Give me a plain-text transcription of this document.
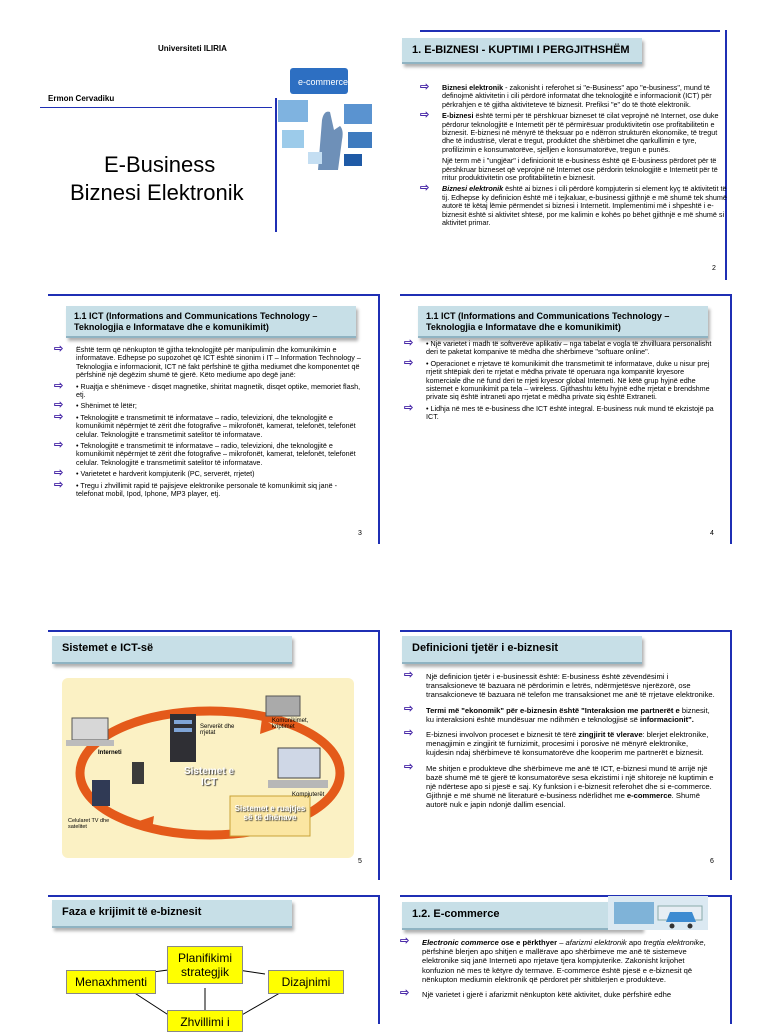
Universiteti ILIRIA
Ermon Cervadiku
E-Business
Biznesi Elektronik
e-commerce
1. E-BIZNESI - KUPTIMI I PERGJITHSHËM
⇨ Biznesi elektronik - zakonisht i referohet si "e-Business" apo "e-business", mund të definojmë aktivitetin i cili përdorë informatat dhe teknologjitë e informacionit (ICT) për përkrahjen e të gjitha aktiviteteve të biznesit. Prefiksi "e" do të thotë elektronik.
⇨ E-biznesi është termi për të përshkruar bizneset të cilat veprojnë në Internet, ose duke përdorur teknologjitë e Internetit për të përmirësuar produktivitetin ose profitabilitetin e biznesit. E-biznesi në mënyrë të theksuar po e ndërron strukturën ekonomike, të tregut dhe të industrisë, vlerat e tregut, produktet dhe shërbimet dhe qarkullimin e tyre, profilizimin e konsumatorëve, sjelljen e konsumatorëve, tregun e punës.
Një term më i "ungjëar" i definicionit të e-business është që E-business përdoret për të përshkruar bizneset që veprojnë në Internet ose përdorin teknologjitë e Internetit për të rritur produktivitetin ose profitabilitetin e biznesit.
⇨ Biznesi elektronik është ai biznes i cili përdorë kompjuterin si element kyç të aktivitetit të tij. Edhepse ky definicion është më i tejkaluar, e-businessi gjithnjë e më shumë tek shumë autorë të këtaj lëmie përmendet si biznesi i Internetit. Implementimi më i shpeshtë i e-biznesit është si aktivitet shtesë, por me kalimin e kohës po bëhet gjithnjë e më shumë si aktivitet primar.
2
1.1 ICT (Informations and Communications Technology – Teknologjia e Informatave dhe e komunikimit)
⇨ Është term që nënkupton të gjitha teknologjitë për manipulimin dhe komunikimin e informatave. Edhepse po supozohet që ICT është sinonim i IT – Information Technology – Teknologjia e informacionit, ICT në fakt përfshinë të gjitha mediumet dhe komponentet që përfshinë një degëzim shumë të gjerë. Këto mediume apo degë janë:
⇨ • Ruajtja e shënimeve - disqet magnetike, shiritat magnetik, disqet optike, memoriet flash, etj.
⇨ • Shënimet të lëtër;
⇨ • Teknologjitë e transmetimit të informatave – radio, televizioni, dhe teknologjitë e komunikimit nëpërmjet të zërit dhe fotografive – mikrofonët, kamerat, telefonët, telefonët celular. Teknologjitë e transmetimit satelitor të informatave.
⇨ • Teknologjitë e transmetimit të informatave – radio, televizioni, dhe teknologjitë e komunikimit nëpërmjet të zërit dhe fotografive – mikrofonët, kamerat, telefonët, telefonët celular. Teknologjitë e transmetimit satelitor të informatave.
⇨ • Varietetet e hardverit kompjuterik (PC, serverët, rrjetet)
⇨ • Tregu i zhvillimit rapid të pajisjeve elektronike personale të komunikimit siq janë - telefonat mobil, Ipod, Iphone, MP3 player, etj.
3
1.1 ICT (Informations and Communications Technology – Teknologjia e Informatave dhe e komunikimit)
⇨ • Një varietet i madh të softverëve aplikativ – nga tabelat e vogla të zhvilluara personalisht deri te paketat kompanive të mëdha dhe shërbimeve "softuare online".
⇨ • Operacionet e rrjetave të komunikimit dhe transmetimit të informatave, duke u nisur prej rrjetit shtëpiak deri te rrjetat e mëdha private të operuara nga kompanitë kryesore komerciale dhe në fund deri te rrjeti kryesor global Interneti. Në këtë grup hyjnë edhe sistemet e komunikimit pa tela – wireless. Gjithashtu këtu hyjnë edhe rrjetat e brendshme private siq është intraneti apo rrjetat e mëdha private siq është Extraneti.
⇨ • Lidhja në mes të e-business dhe ICT është integral. E-business nuk mund të ekzistojë pa ICT.
4
Sistemet e ICT-së
Sistemet e ICT
Serverët dhe rrjetat
Komunikimet, kriptimet
Interneti
Celularet TV dhe satelitet
Kompjuterët
Sistemet e ruajtjes së të dhënave
5
Definicioni tjetër i e-biznesit
⇨ Një definicion tjetër i e-businessit është: E-business është zëvendësimi i transaksioneve të bazuara në përdorimin e letrës, ndërmjetësve njerëzorë, ose transakcioneve të bazuara në telefon me transaksionet me anë të rrjetave elektronike.
⇨ Termi më "ekonomik" për e-biznesin është "Interaksion me partnerët e biznesit, ku interaksioni është mundësuar me ndihmën e teknologjisë së informacionit".
⇨ E-biznesi involvon proceset e biznesit të tërë zingjirit të vlerave: blerjet elektronike, menagjimin e zingjirit të furnizimit, procesimi i porosive në mënyrë elektronike, kujdesin ndaj shërbimeve të konsumatorëve dhe kooperim me partnerët e biznesit.
⇨ Me shitjen e produkteve dhe shërbimeve me anë të ICT, e-biznesi mund të arrijë një bazë shumë më të gjerë të konsumatorëve sesa ekzistimi i një shitoreje në kuptimin e një ndërtese apo si pjesë e saj. Ky funksion i e-biznesit referohet dhe si e-commerce. Gjithnjë e më shumë në literaturë e-business ndërlidhet me e-commerce. Shumë autorë nuk e japin ndonjë dallim esencial.
6
Faza e krijimit të e-biznesit
Planifikimi strategjik
Menaxhmenti	Dizajnimi
Zhvillimi i
1.2. E-commerce
⇨ Electronic commerce ose e përkthyer – afarizmi elektronik apo tregtia elektronike, përfshinë blerjen apo shitjen e mallërave apo shërbimeve me anë të sistemeve elektronike siq janë Interneti apo rrjetave tjera kompjuterike. Zakonisht krijohet konfuzion në mes të këtyre dy termave. E-commerce është pjesë e e-biznesit që nënkupton mediumin elektronik që përdoret për shitblerjen e produkteve.
⇨ Një varietet i gjerë i afarizmit nënkupton këtë aktivitet, duke përfshirë edhe
